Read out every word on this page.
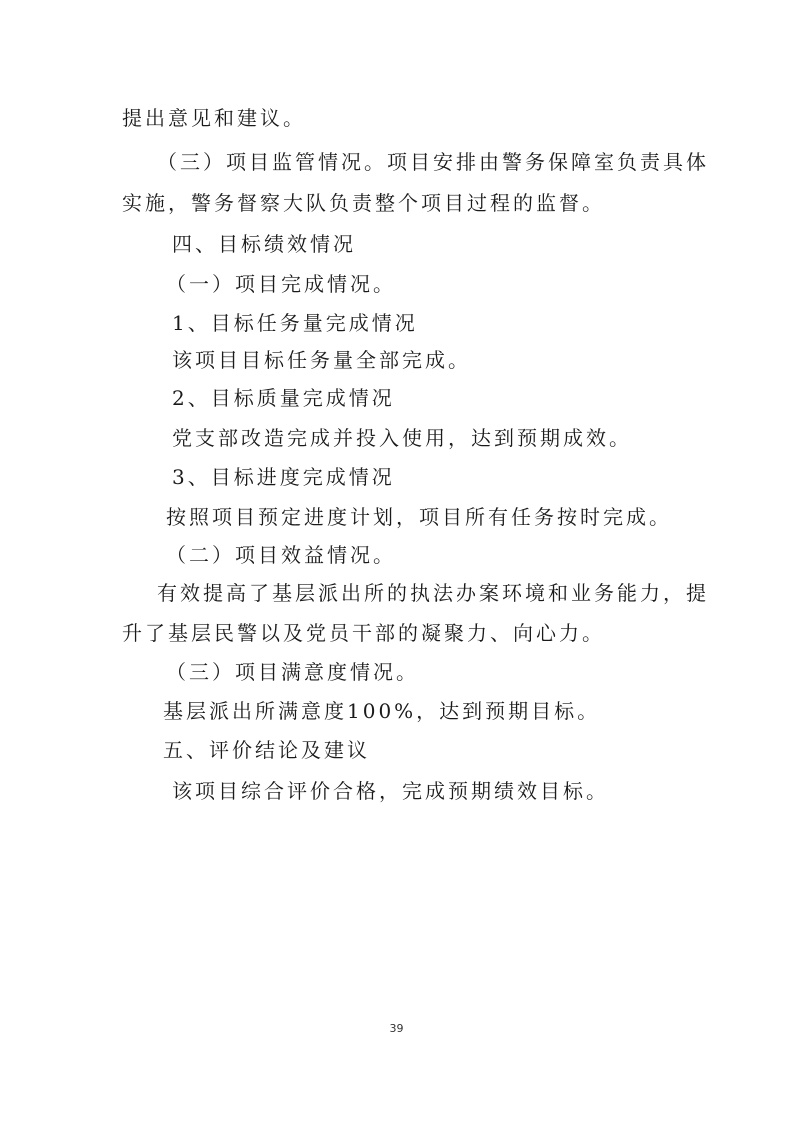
提出意见和建议。
（三）项目监管情况。项目安排由警务保障室负责具体
实施，警务督察大队负责整个项目过程的监督。
四、目标绩效情况
（一）项目完成情况。
1、目标任务量完成情况
该项目目标任务量全部完成。
2、目标质量完成情况
党支部改造完成并投入使用，达到预期成效。
3、目标进度完成情况
按照项目预定进度计划，项目所有任务按时完成。
（二）项目效益情况。
有效提高了基层派出所的执法办案环境和业务能力，提
升了基层民警以及党员干部的凝聚力、向心力。
（三）项目满意度情况。
基层派出所满意度100%，达到预期目标。
五、评价结论及建议
该项目综合评价合格，完成预期绩效目标。
39
